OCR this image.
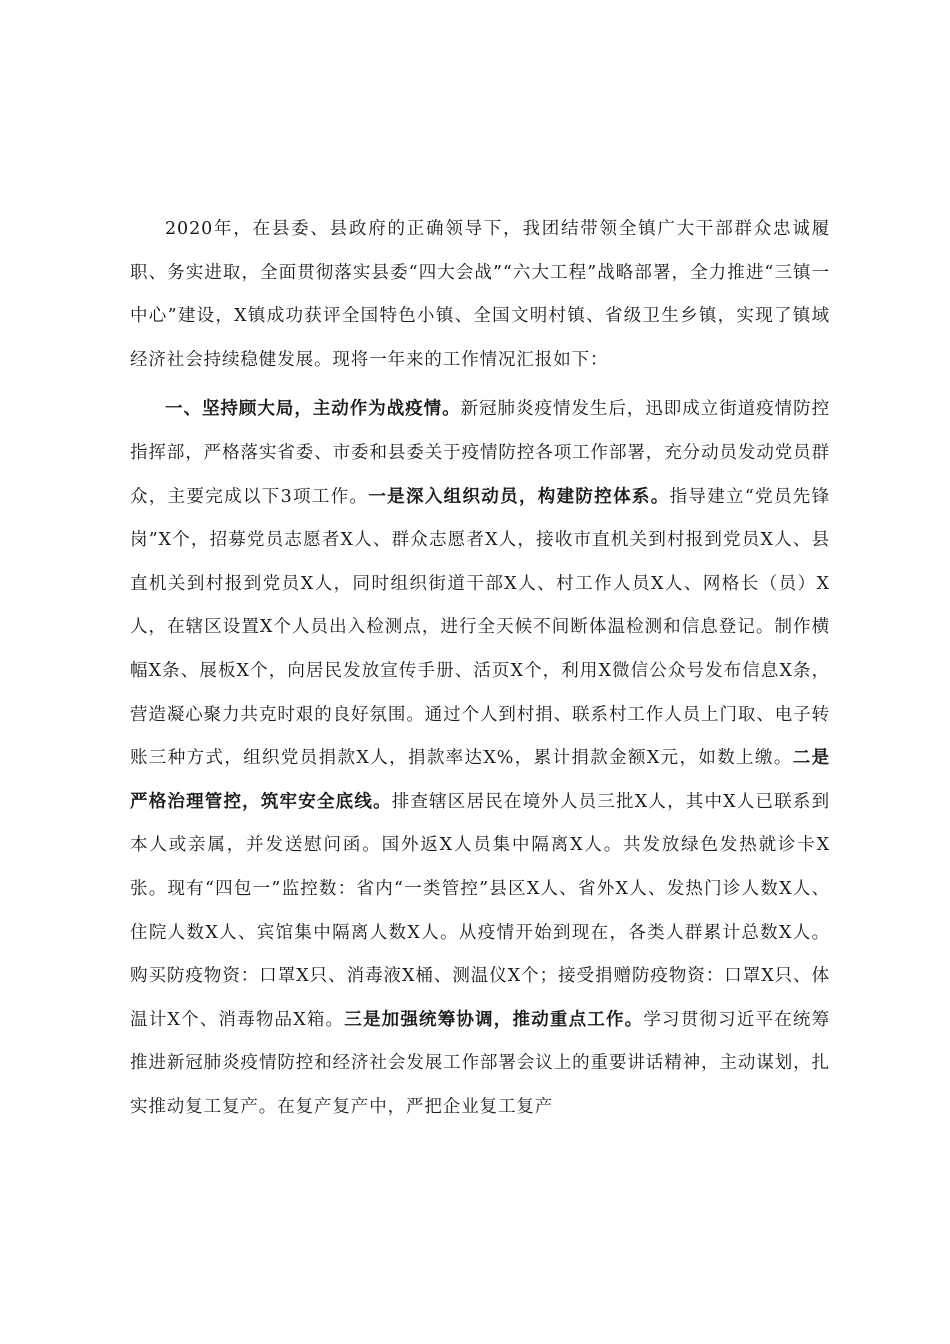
2020年，在县委、县政府的正确领导下，我团结带领全镇广大干部群众忠诚履职、务实进取，全面贯彻落实县委“四大会战”“六大工程”战略部署，全力推进“三镇一中心”建设，X镇成功获评全国特色小镇、全国文明村镇、省级卫生乡镇，实现了镇域经济社会持续稳健发展。现将一年来的工作情况汇报如下：

一、坚持顾大局，主动作为战疫情。新冠肺炎疫情发生后，迅即成立街道疫情防控指挥部，严格落实省委、市委和县委关于疫情防控各项工作部署，充分动员发动党员群众，主要完成以下3项工作。一是深入组织动员，构建防控体系。指导建立“党员先锋岗”X个，招募党员志愿者X人、群众志愿者X人，接收市直机关到村报到党员X人、县直机关到村报到党员X人，同时组织街道干部X人、村工作人员X人、网格长（员）X人，在辖区设置X个人员出入检测点，进行全天候不间断体温检测和信息登记。制作横幅X条、展板X个，向居民发放宣传手册、活页X个，利用X微信公众号发布信息X条，营造凝心聚力共克时艰的良好氛围。通过个人到村捐、联系村工作人员上门取、电子转账三种方式，组织党员捐款X人，捐款率达X%，累计捐款金额X元，如数上缴。二是严格治理管控，筑牢安全底线。排查辖区居民在境外人员三批X人，其中X人已联系到本人或亲属，并发送慰问函。国外返X人员集中隔离X人。共发放绿色发热就诊卡X张。现有“四包一”监控数：省内“一类管控”县区X人、省外X人、发热门诊人数X人、住院人数X人、宾馆集中隔离人数X人。从疫情开始到现在，各类人群累计总数X人。购买防疫物资：口罩X只、消毒液X桶、测温仪X个；接受捐赠防疫物资：口罩X只、体温计X个、消毒物品X箱。三是加强统筹协调，推动重点工作。学习贯彻习近平在统筹推进新冠肺炎疫情防控和经济社会发展工作部署会议上的重要讲话精神，主动谋划，扎实推动复工复产。在复产复产中，严把企业复工复产
